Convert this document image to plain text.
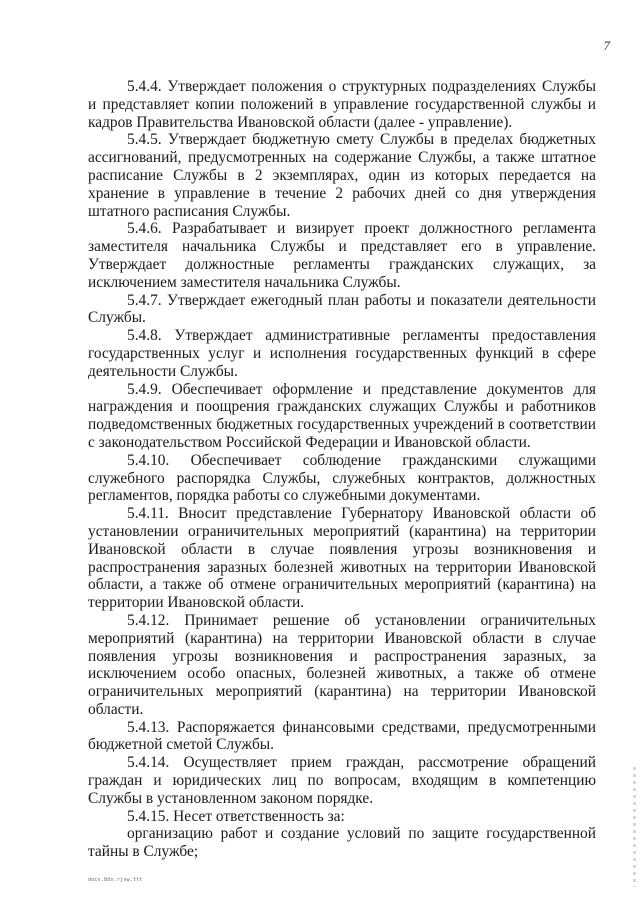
7

5.4.4. Утверждает положения о структурных подразделениях Службы и представляет копии положений в управление государственной службы и кадров Правительства Ивановской области (далее - управление).

5.4.5. Утверждает бюджетную смету Службы в пределах бюджетных ассигнований, предусмотренных на содержание Службы, а также штатное расписание Службы в 2 экземплярах, один из которых передается на хранение в управление в течение 2 рабочих дней со дня утверждения штатного расписания Службы.

5.4.6. Разрабатывает и визирует проект должностного регламента заместителя начальника Службы и представляет его в управление. Утверждает должностные регламенты гражданских служащих, за исключением заместителя начальника Службы.

5.4.7. Утверждает ежегодный план работы и показатели деятельности Службы.

5.4.8. Утверждает административные регламенты предоставления государственных услуг и исполнения государственных функций в сфере деятельности Службы.

5.4.9. Обеспечивает оформление и представление документов для награждения и поощрения гражданских служащих Службы и работников подведомственных бюджетных государственных учреждений в соответствии с законодательством Российской Федерации и Ивановской области.

5.4.10. Обеспечивает соблюдение гражданскими служащими служебного распорядка Службы, служебных контрактов, должностных регламентов, порядка работы со служебными документами.

5.4.11. Вносит представление Губернатору Ивановской области об установлении ограничительных мероприятий (карантина) на территории Ивановской области в случае появления угрозы возникновения и распространения заразных болезней животных на территории Ивановской области, а также об отмене ограничительных мероприятий (карантина) на территории Ивановской области.

5.4.12. Принимает решение об установлении ограничительных мероприятий (карантина) на территории Ивановской области в случае появления угрозы возникновения и распространения заразных, за исключением особо опасных, болезней животных, а также об отмене ограничительных мероприятий (карантина) на территории Ивановской области.

5.4.13. Распоряжается финансовыми средствами, предусмотренными бюджетной сметой Службы.

5.4.14. Осуществляет прием граждан, рассмотрение обращений граждан и юридических лиц по вопросам, входящим в компетенцию Службы в установленном законом порядке.

5.4.15. Несет ответственность за:

организацию работ и создание условий по защите государственной тайны в Службе;

docs.8ds.rjsw.ttt
